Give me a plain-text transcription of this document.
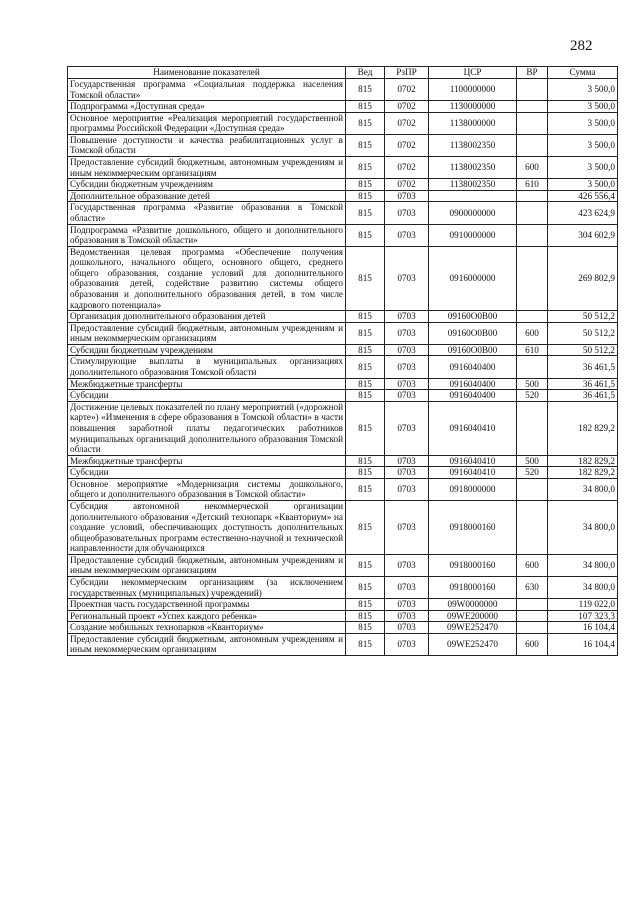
282
Наименование показателей	Вед	РзПР	ЦСР	ВР	Сумма
Государственная программа «Социальная поддержка населения Томской области»	815	0702	1100000000		3 500,0
Подпрограмма «Доступная среда»	815	0702	1130000000		3 500,0
Основное мероприятие «Реализация мероприятий государственной программы Российской Федерации «Доступная среда»	815	0702	1138000000		3 500,0
Повышение доступности и качества реабилитационных услуг в Томской области	815	0702	1138002350		3 500,0
Предоставление субсидий бюджетным, автономным учреждениям и иным некоммерческим организациям	815	0702	1138002350	600	3 500,0
Субсидии бюджетным учреждениям	815	0702	1138002350	610	3 500,0
Дополнительное образование детей	815	0703			426 556,4
Государственная программа «Развитие образования в Томской области»	815	0703	0900000000		423 624,9
Подпрограмма «Развитие дошкольного, общего и дополнительного образования в Томской области»	815	0703	0910000000		304 602,9
Ведомственная целевая программа «Обеспечение получения дошкольного, начального общего, основного общего, среднего общего образования, создание условий для дополнительного образования детей, содействие развитию системы общего образования и дополнительного образования детей, в том числе кадрового потенциала»	815	0703	0916000000		269 802,9
Организация дополнительного образования детей	815	0703	09160О0В00		50 512,2
Предоставление субсидий бюджетным, автономным учреждениям и иным некоммерческим организациям	815	0703	09160О0В00	600	50 512,2
Субсидии бюджетным учреждениям	815	0703	09160О0В00	610	50 512,2
Стимулирующие выплаты в муниципальных организациях дополнительного образования Томской области	815	0703	0916040400		36 461,5
Межбюджетные трансферты	815	0703	0916040400	500	36 461,5
Субсидии	815	0703	0916040400	520	36 461,5
Достижение целевых показателей по плану мероприятий («дорожной карте») «Изменения в сфере образования в Томской области» в части повышения заработной платы педагогических работников муниципальных организаций дополнительного образования Томской области	815	0703	0916040410		182 829,2
Межбюджетные трансферты	815	0703	0916040410	500	182 829,2
Субсидии	815	0703	0916040410	520	182 829,2
Основное мероприятие «Модернизация системы дошкольного, общего и дополнительного образования в Томской области»	815	0703	0918000000		34 800,0
Субсидия автономной некоммерческой организации дополнительного образования «Детский технопарк «Кванториум» на создание условий, обеспечивающих доступность дополнительных общеобразовательных программ естественно-научной и технической направленности для обучающихся	815	0703	0918000160		34 800,0
Предоставление субсидий бюджетным, автономным учреждениям и иным некоммерческим организациям	815	0703	0918000160	600	34 800,0
Субсидии некоммерческим организациям (за исключением государственных (муниципальных) учреждений)	815	0703	0918000160	630	34 800,0
Проектная часть государственной программы	815	0703	09W0000000		119 022,0
Региональный проект «Успех каждого ребенка»	815	0703	09WE200000		107 323,3
Создание мобильных технопарков «Кванториум»	815	0703	09WE252470		16 104,4
Предоставление субсидий бюджетным, автономным учреждениям и иным некоммерческим организациям	815	0703	09WE252470	600	16 104,4
